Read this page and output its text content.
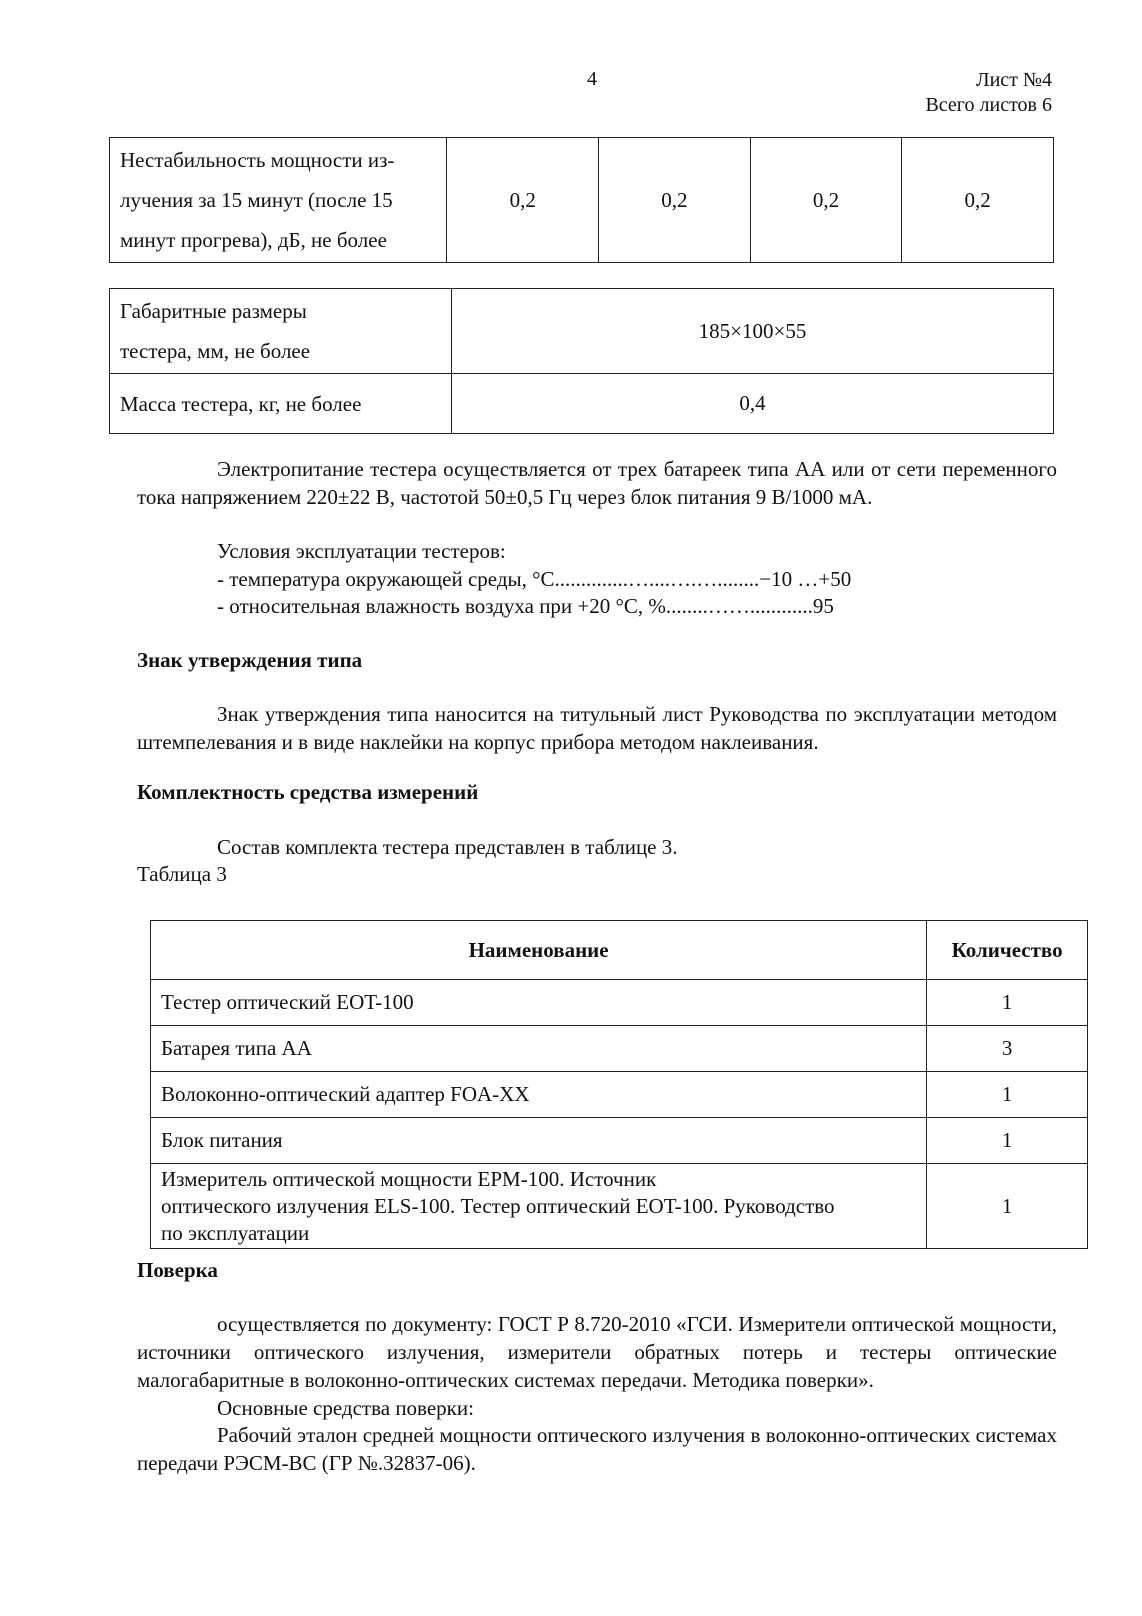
4	Лист №4
Всего листов 6
Нестабильность мощности из-
лучения за 15 минут (после 15
минут прогрева), дБ, не более
	0,2	0,2	0,2	0,2
Габаритные размеры
тестера, мм, не более	185×100×55
Масса тестера, кг, не более	0,4
Электропитание тестера осуществляется от трех батареек типа АА или от сети переменного тока напряжением 220±22 В, частотой 50±0,5 Гц через блок питания 9 В/1000 мА.
Условия эксплуатации тестеров:
- температура окружающей среды, °С..............…....….…........−10 …+50
- относительная влажность воздуха при +20 °С, %........……............95
Знак утверждения типа
Знак утверждения типа наносится на титульный лист Руководства по эксплуатации методом штемпелевания и в виде наклейки на корпус прибора методом наклеивания.
Комплектность средства измерений
Состав комплекта тестера представлен в таблице 3.
Таблица 3
Наименование	Количество
Тестер оптический EOT-100	1
Батарея типа АА	3
Волоконно-оптический адаптер FOA-XX	1
Блок питания	1

Измеритель оптической мощности EPM-100. Источник
оптического излучения ELS-100. Тестер оптический EOT-100. Руководство
по эксплуатации	1
Поверка
осуществляется по документу: ГОСТ Р 8.720-2010 «ГСИ. Измерители оптической мощности, источники оптического излучения, измерители обратных потерь и тестеры оптические малогабаритные в волоконно-оптических системах передачи. Методика поверки».
Основные средства поверки:
Рабочий эталон средней мощности оптического излучения в волоконно-оптических системах передачи РЭСМ-ВС (ГР №.32837-06).
